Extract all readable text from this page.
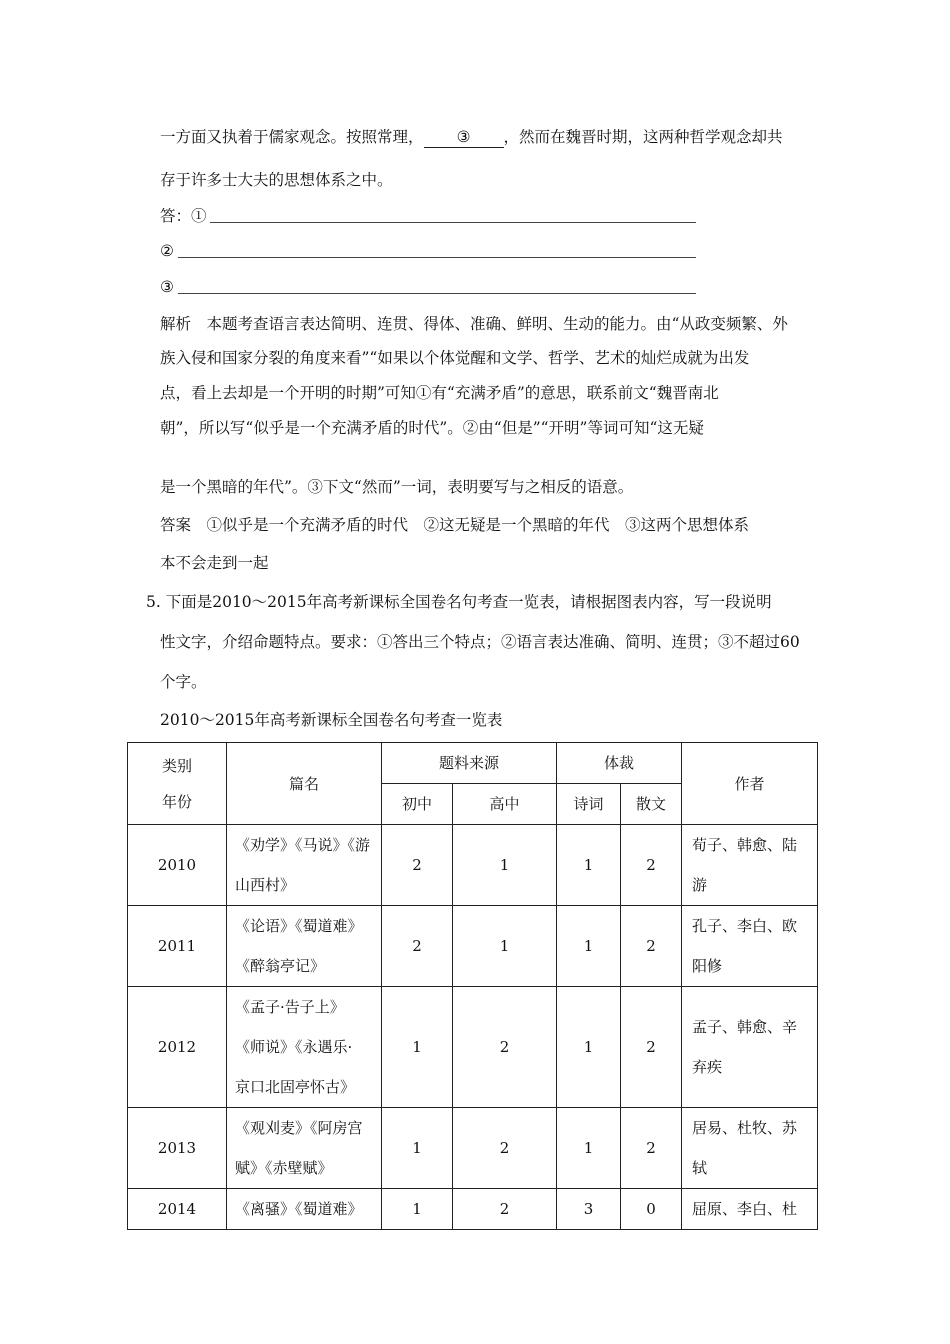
一方面又执着于儒家观念。按照常理， ③ ，然而在魏晋时期，这两种哲学观念却共
存于许多士大夫的思想体系之中。
答：①
②
③
解析　本题考查语言表达简明、连贯、得体、准确、鲜明、生动的能力。由“从政变频繁、外
族入侵和国家分裂的角度来看”“如果以个体觉醒和文学、哲学、艺术的灿烂成就为出发
点，看上去却是一个开明的时期”可知①有“充满矛盾”的意思，联系前文“魏晋南北
朝”，所以写“似乎是一个充满矛盾的时代”。②由“但是”“开明”等词可知“这无疑
是一个黑暗的年代”。③下文“然而”一词，表明要写与之相反的语意。
答案　①似乎是一个充满矛盾的时代　②这无疑是一个黑暗的年代　③这两个思想体系
本不会走到一起
5. 下面是2010～2015年高考新课标全国卷名句考查一览表，请根据图表内容，写一段说明
性文字，介绍命题特点。要求：①答出三个特点；②语言表达准确、简明、连贯；③不超过60
个字。
2010～2015年高考新课标全国卷名句考查一览表
类别
年份	篇名	题料来源		体裁		作者
		初中	高中	诗词	散文	
2010	《劝学》《马说》《游
山西村》	2	1	1	2	荀子、韩愈、陆
游

2011	《论语》《蜀道难》
《醉翁亭记》	2	1	1	2	孔子、李白、欧
阳修

2012	《孟子·告子上》
《师说》《永遇乐·
京口北固亭怀古》	1	2	1	2	孟子、韩愈、辛
弃疾

2013	《观刈麦》《阿房宫
赋》《赤壁赋》	1	2	1	2	居易、杜牧、苏
轼

2014	《离骚》《蜀道难》	1	2	3	0	屈原、李白、杜
